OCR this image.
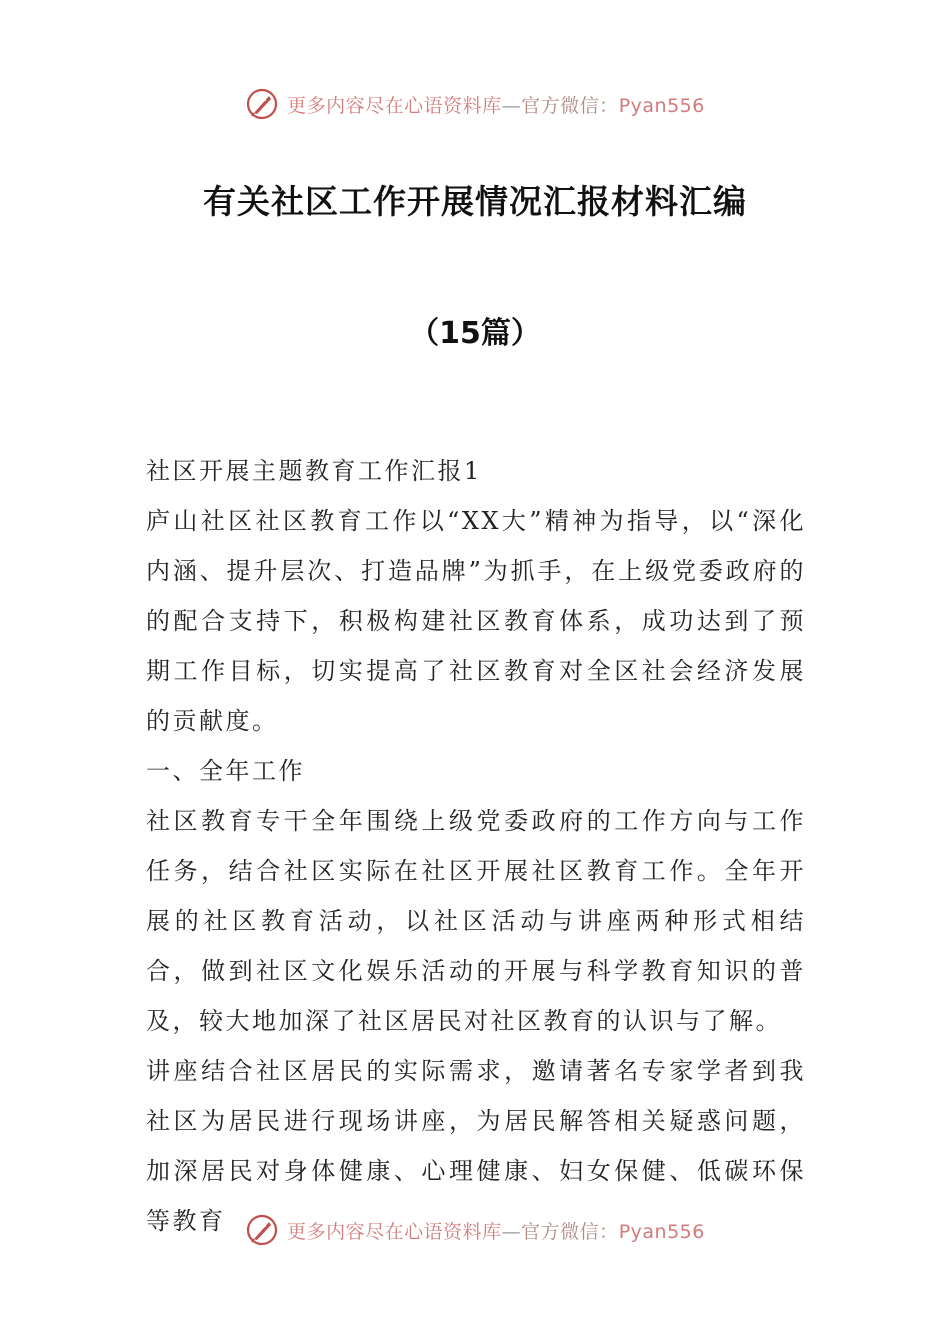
更多内容尽在心语资料库—官方微信：Pyan556
有关社区工作开展情况汇报材料汇编
（15篇）

社区开展主题教育工作汇报1

庐山社区社区教育工作以“XX大”精神为指导，以“深化内涵、提升层次、打造品牌”为抓手，在上级党委政府的的配合支持下，积极构建社区教育体系，成功达到了预期工作目标，切实提高了社区教育对全区社会经济发展的贡献度。

一、全年工作

社区教育专干全年围绕上级党委政府的工作方向与工作任务，结合社区实际在社区开展社区教育工作。全年开展的社区教育活动，以社区活动与讲座两种形式相结合，做到社区文化娱乐活动的开展与科学教育知识的普及，较大地加深了社区居民对社区教育的认识与了解。

讲座结合社区居民的实际需求，邀请著名专家学者到我社区为居民进行现场讲座，为居民解答相关疑惑问题，加深居民对身体健康、心理健康、妇女保健、低碳环保等教育	更多内容尽在心语资料库—官方微信：Pyan556
